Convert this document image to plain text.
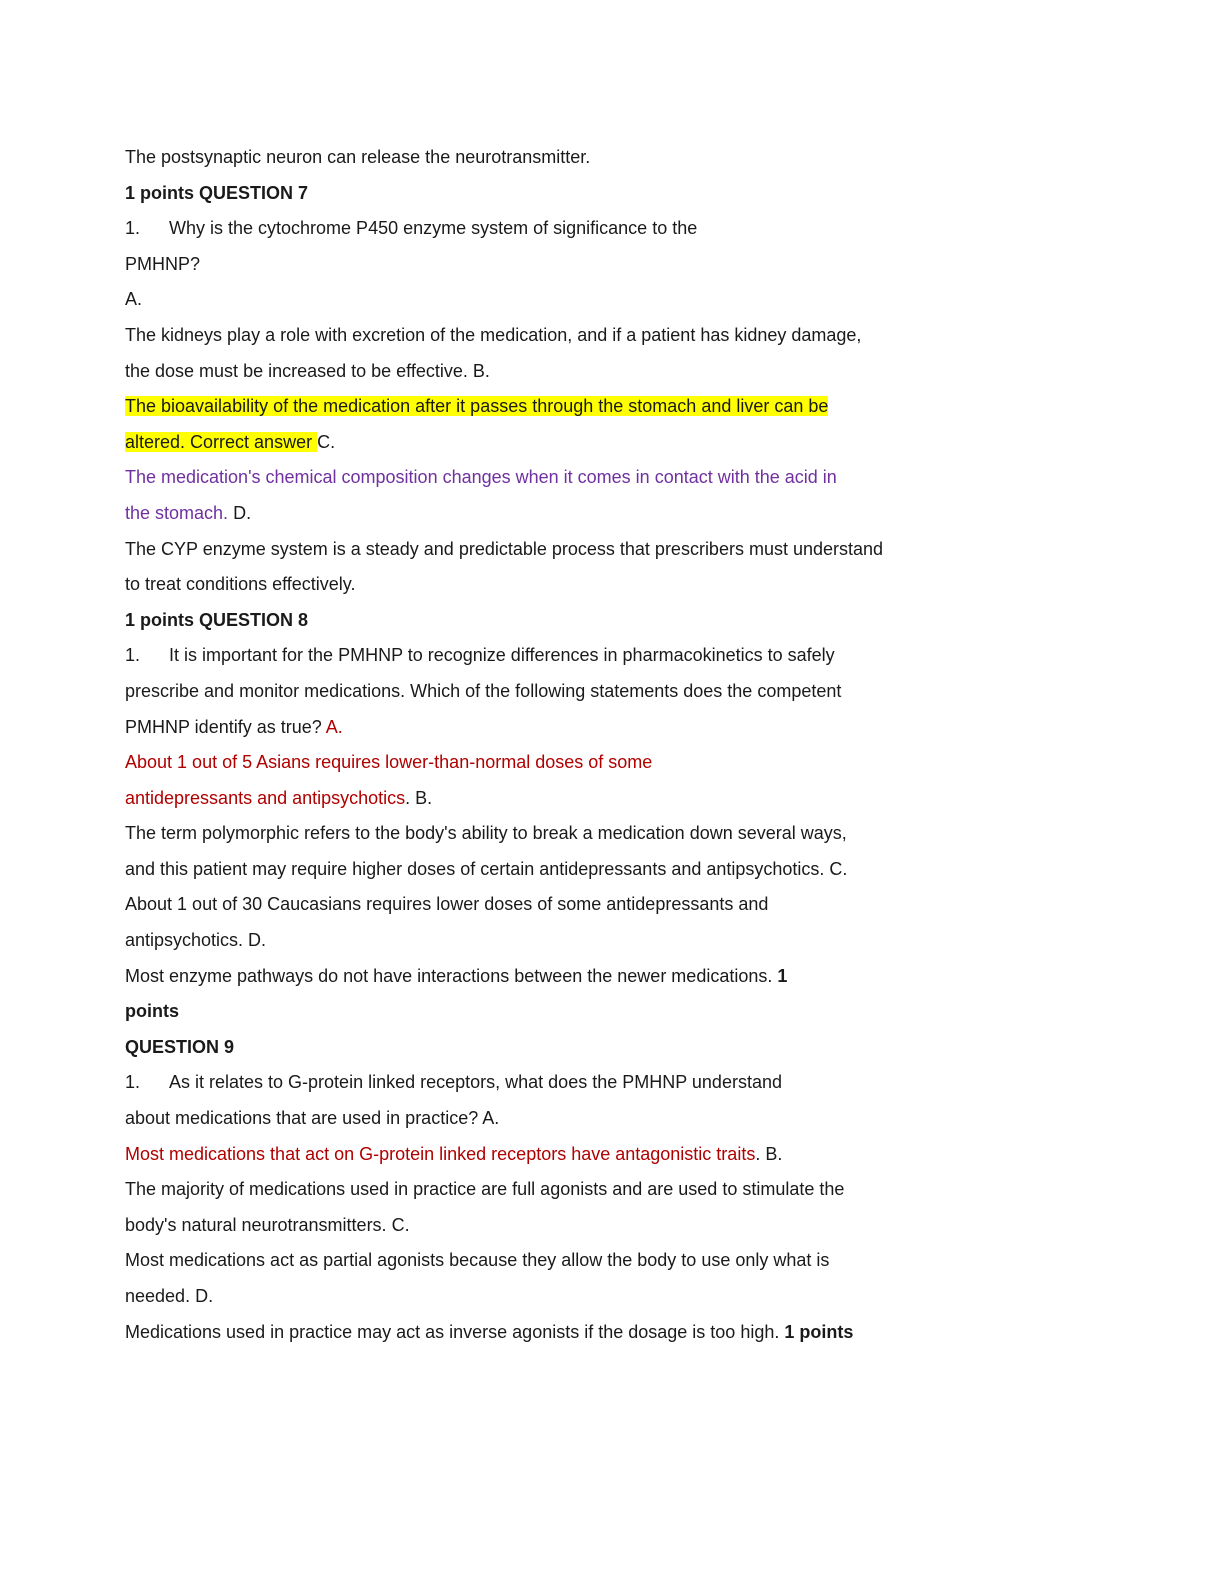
The postsynaptic neuron can release the neurotransmitter.
1 points QUESTION 7
1. Why is the cytochrome P450 enzyme system of significance to the
PMHNP?
A.
The kidneys play a role with excretion of the medication, and if a patient has kidney damage,
the dose must be increased to be effective. B.
The bioavailability of the medication after it passes through the stomach and liver can be
altered. Correct answer C.
The medication's chemical composition changes when it comes in contact with the acid in
the stomach. D.
The CYP enzyme system is a steady and predictable process that prescribers must understand
to treat conditions effectively.
1 points QUESTION 8
1. It is important for the PMHNP to recognize differences in pharmacokinetics to safely
prescribe and monitor medications. Which of the following statements does the competent
PMHNP identify as true? A.
About 1 out of 5 Asians requires lower-than-normal doses of some
antidepressants and antipsychotics. B.
The term polymorphic refers to the body's ability to break a medication down several ways,
and this patient may require higher doses of certain antidepressants and antipsychotics. C.
About 1 out of 30 Caucasians requires lower doses of some antidepressants and
antipsychotics. D.
Most enzyme pathways do not have interactions between the newer medications. 1
points
QUESTION 9
1. As it relates to G-protein linked receptors, what does the PMHNP understand
about medications that are used in practice? A.
Most medications that act on G-protein linked receptors have antagonistic traits. B.
The majority of medications used in practice are full agonists and are used to stimulate the
body's natural neurotransmitters. C.
Most medications act as partial agonists because they allow the body to use only what is
needed. D.
Medications used in practice may act as inverse agonists if the dosage is too high. 1 points
